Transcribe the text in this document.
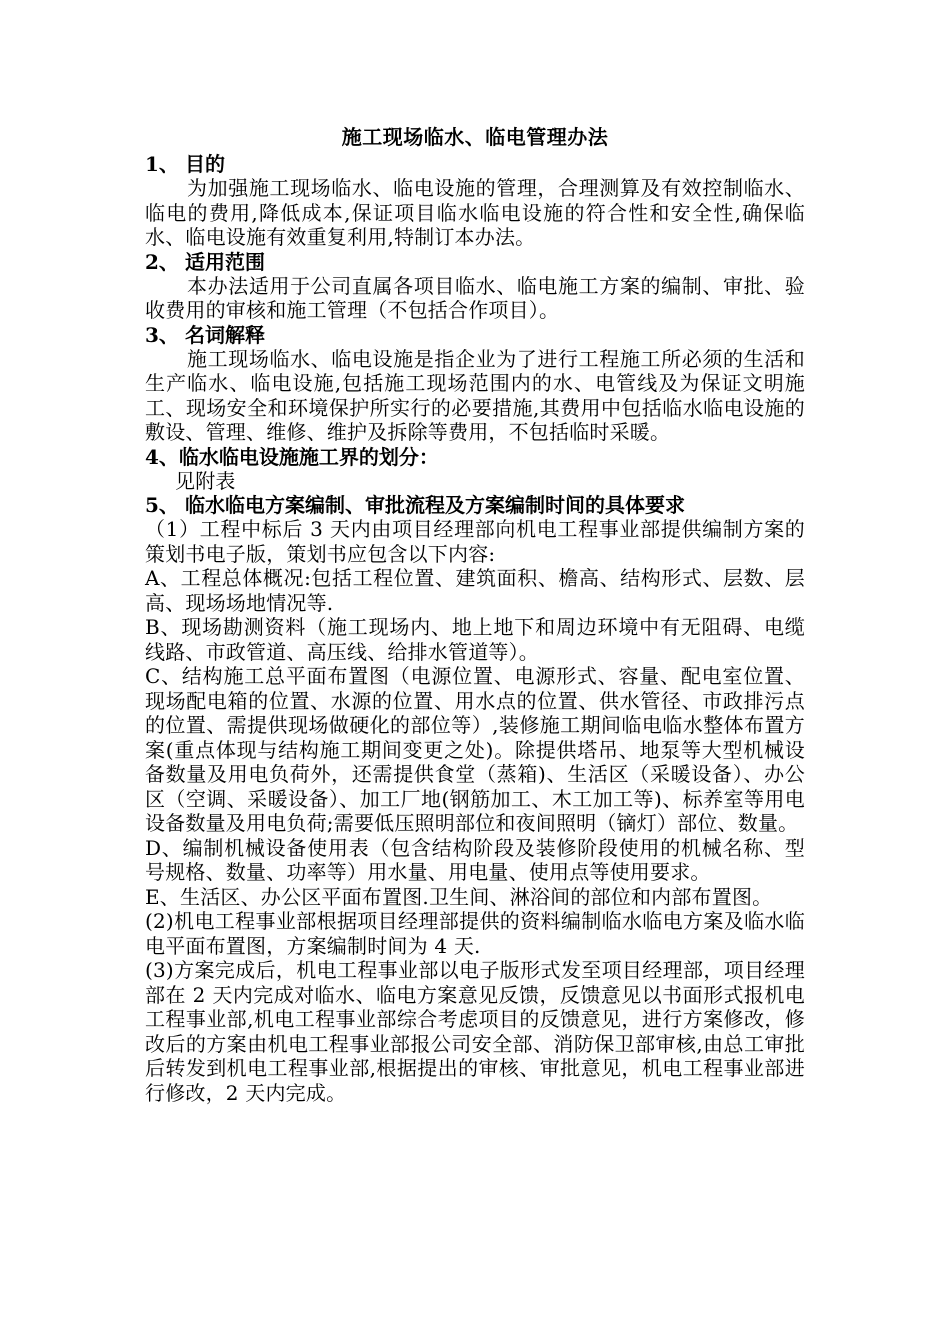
施工现场临水、临电管理办法

1、 目的

为加强施工现场临水、临电设施的管理，合理测算及有效控制临水、临电的费用,降低成本,保证项目临水临电设施的符合性和安全性,确保临水、临电设施有效重复利用,特制订本办法。

2、 适用范围

本办法适用于公司直属各项目临水、临电施工方案的编制、审批、验收费用的审核和施工管理（不包括合作项目）。

3、 名词解释

施工现场临水、临电设施是指企业为了进行工程施工所必须的生活和生产临水、临电设施,包括施工现场范围内的水、电管线及为保证文明施工、现场安全和环境保护所实行的必要措施,其费用中包括临水临电设施的敷设、管理、维修、维护及拆除等费用，不包括临时采暖。

4、临水临电设施施工界的划分：

见附表

5、 临水临电方案编制、审批流程及方案编制时间的具体要求

（1）工程中标后 3 天内由项目经理部向机电工程事业部提供编制方案的策划书电子版，策划书应包含以下内容:

A、工程总体概况:包括工程位置、建筑面积、檐高、结构形式、层数、层高、现场场地情况等.

B、现场勘测资料（施工现场内、地上地下和周边环境中有无阻碍、电缆线路、市政管道、高压线、给排水管道等）。

C、结构施工总平面布置图（电源位置、电源形式、容量、配电室位置、现场配电箱的位置、水源的位置、用水点的位置、供水管径、市政排污点的位置、需提供现场做硬化的部位等）,装修施工期间临电临水整体布置方案(重点体现与结构施工期间变更之处)。除提供塔吊、地泵等大型机械设备数量及用电负荷外，还需提供食堂（蒸箱)、生活区（采暖设备）、办公区（空调、采暖设备）、加工厂地(钢筋加工、木工加工等)、标养室等用电设备数量及用电负荷;需要低压照明部位和夜间照明（镝灯）部位、数量。

D、编制机械设备使用表（包含结构阶段及装修阶段使用的机械名称、型号规格、数量、功率等）用水量、用电量、使用点等使用要求。

E、生活区、办公区平面布置图.卫生间、淋浴间的部位和内部布置图。

(2)机电工程事业部根据项目经理部提供的资料编制临水临电方案及临水临电平面布置图，方案编制时间为 4 天.

(3)方案完成后，机电工程事业部以电子版形式发至项目经理部，项目经理部在 2 天内完成对临水、临电方案意见反馈，反馈意见以书面形式报机电工程事业部,机电工程事业部综合考虑项目的反馈意见，进行方案修改，修改后的方案由机电工程事业部报公司安全部、消防保卫部审核,由总工审批后转发到机电工程事业部,根据提出的审核、审批意见，机电工程事业部进行修改，2 天内完成。
